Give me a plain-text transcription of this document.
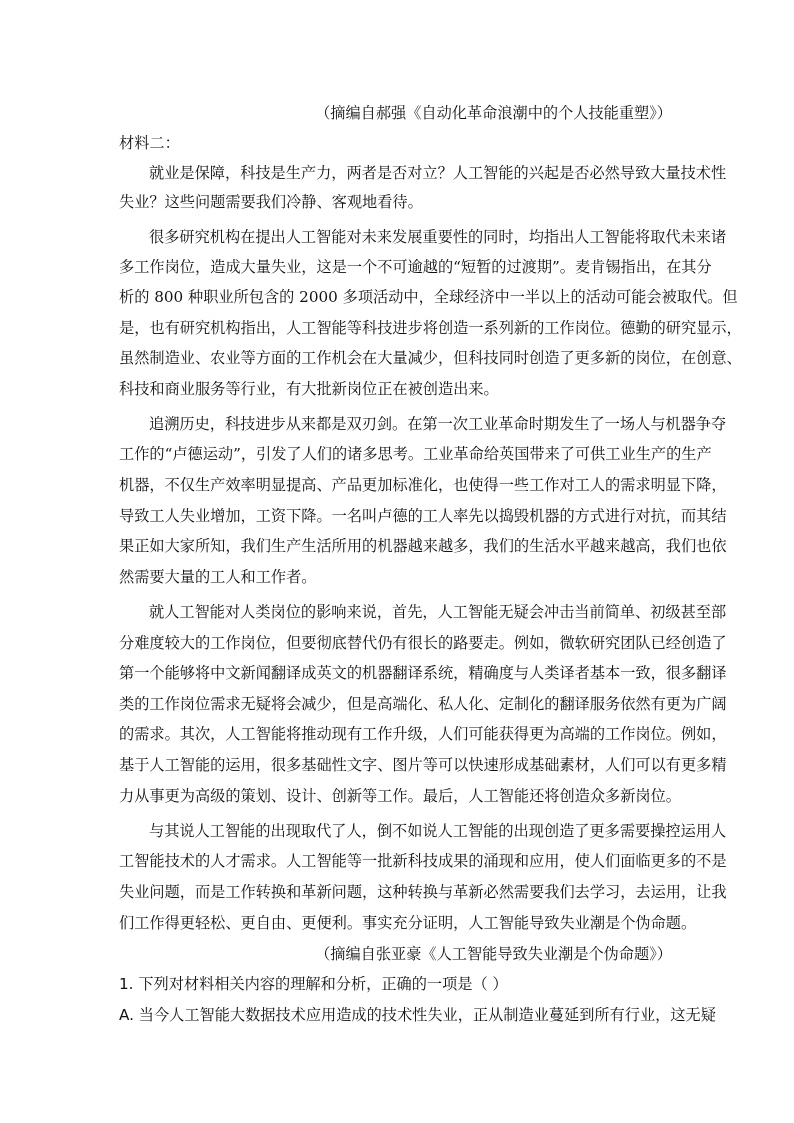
（摘编自郝强《自动化革命浪潮中的个人技能重塑》）
材料二：
就业是保障，科技是生产力，两者是否对立？人工智能的兴起是否必然导致大量技术性
失业？这些问题需要我们冷静、客观地看待。
很多研究机构在提出人工智能对未来发展重要性的同时，均指出人工智能将取代未来诸
多工作岗位，造成大量失业，这是一个不可逾越的“短暂的过渡期”。麦肯锡指出，在其分
析的 800 种职业所包含的 2000 多项活动中，全球经济中一半以上的活动可能会被取代。但
是，也有研究机构指出，人工智能等科技进步将创造一系列新的工作岗位。德勤的研究显示，
虽然制造业、农业等方面的工作机会在大量减少，但科技同时创造了更多新的岗位，在创意、
科技和商业服务等行业，有大批新岗位正在被创造出来。
追溯历史，科技进步从来都是双刃剑。在第一次工业革命时期发生了一场人与机器争夺
工作的“卢德运动”，引发了人们的诸多思考。工业革命给英国带来了可供工业生产的生产
机器，不仅生产效率明显提高、产品更加标准化，也使得一些工作对工人的需求明显下降，
导致工人失业增加，工资下降。一名叫卢德的工人率先以捣毁机器的方式进行对抗，而其结
果正如大家所知，我们生产生活所用的机器越来越多，我们的生活水平越来越高，我们也依
然需要大量的工人和工作者。
就人工智能对人类岗位的影响来说，首先，人工智能无疑会冲击当前简单、初级甚至部
分难度较大的工作岗位，但要彻底替代仍有很长的路要走。例如，微软研究团队已经创造了
第一个能够将中文新闻翻译成英文的机器翻译系统，精确度与人类译者基本一致，很多翻译
类的工作岗位需求无疑将会减少，但是高端化、私人化、定制化的翻译服务依然有更为广阔
的需求。其次，人工智能将推动现有工作升级，人们可能获得更为高端的工作岗位。例如，
基于人工智能的运用，很多基础性文字、图片等可以快速形成基础素材，人们可以有更多精
力从事更为高级的策划、设计、创新等工作。最后，人工智能还将创造众多新岗位。
与其说人工智能的出现取代了人，倒不如说人工智能的出现创造了更多需要操控运用人
工智能技术的人才需求。人工智能等一批新科技成果的涌现和应用，使人们面临更多的不是
失业问题，而是工作转换和革新问题，这种转换与革新必然需要我们去学习，去运用，让我
们工作得更轻松、更自由、更便利。事实充分证明，人工智能导致失业潮是个伪命题。
（摘编自张亚豪《人工智能导致失业潮是个伪命题》）
1. 下列对材料相关内容的理解和分析，正确的一项是（ ）
A. 当今人工智能大数据技术应用造成的技术性失业，正从制造业蔓延到所有行业，这无疑
